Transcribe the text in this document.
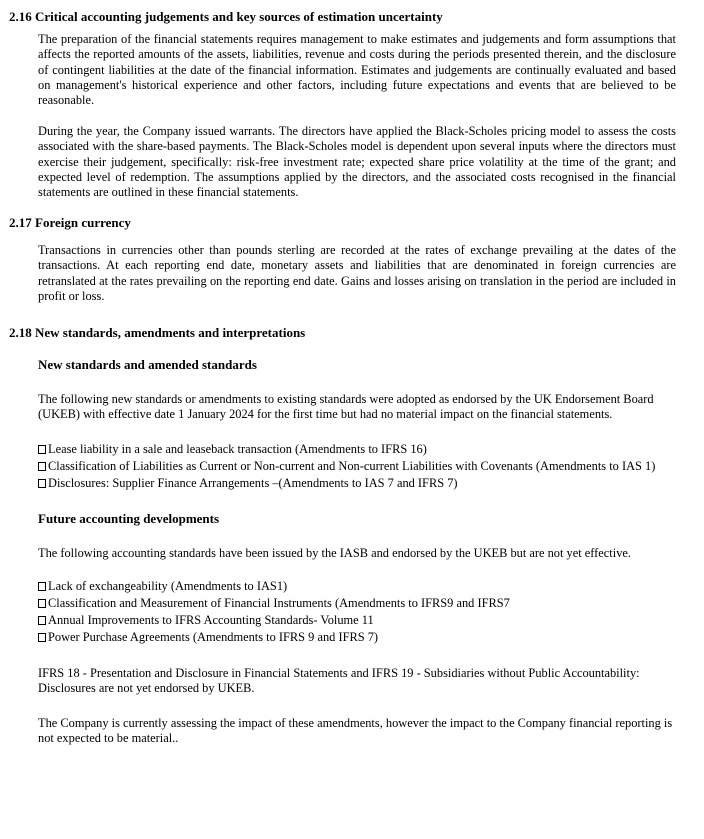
2.16 Critical accounting judgements and key sources of estimation uncertainty

The preparation of the financial statements requires management to make estimates and judgements and form assumptions that affects the reported amounts of the assets, liabilities, revenue and costs during the periods presented therein, and the disclosure of contingent liabilities at the date of the financial information. Estimates and judgements are continually evaluated and based on management's historical experience and other factors, including future expectations and events that are believed to be reasonable.

During the year, the Company issued warrants. The directors have applied the Black-Scholes pricing model to assess the costs associated with the share-based payments. The Black-Scholes model is dependent upon several inputs where the directors must exercise their judgement, specifically: risk-free investment rate; expected share price volatility at the time of the grant; and expected level of redemption. The assumptions applied by the directors, and the associated costs recognised in the financial statements are outlined in these financial statements.

2.17 Foreign currency

Transactions in currencies other than pounds sterling are recorded at the rates of exchange prevailing at the dates of the transactions. At each reporting end date, monetary assets and liabilities that are denominated in foreign currencies are retranslated at the rates prevailing on the reporting end date. Gains and losses arising on translation in the period are included in profit or loss.

2.18 New standards, amendments and interpretations
New standards and amended standards

The following new standards or amendments to existing standards were adopted as endorsed by the UK Endorsement Board (UKEB) with effective date 1 January 2024 for the first time but had no material impact on the financial statements.

Lease liability in a sale and leaseback transaction (Amendments to IFRS 16)
Classification of Liabilities as Current or Non-current and Non-current Liabilities with Covenants (Amendments to IAS 1)
Disclosures: Supplier Finance Arrangements –(Amendments to IAS 7 and IFRS 7)
Future accounting developments

The following accounting standards have been issued by the IASB and endorsed by the UKEB but are not yet effective.

Lack of exchangeability (Amendments to IAS1)
Classification and Measurement of Financial Instruments (Amendments to IFRS9 and IFRS7
Annual Improvements to IFRS Accounting Standards- Volume 11
Power Purchase Agreements (Amendments to IFRS 9 and IFRS 7)

IFRS 18 - Presentation and Disclosure in Financial Statements and IFRS 19 - Subsidiaries without Public Accountability: Disclosures are not yet endorsed by UKEB.

The Company is currently assessing the impact of these amendments, however the impact to the Company financial reporting is not expected to be material..
